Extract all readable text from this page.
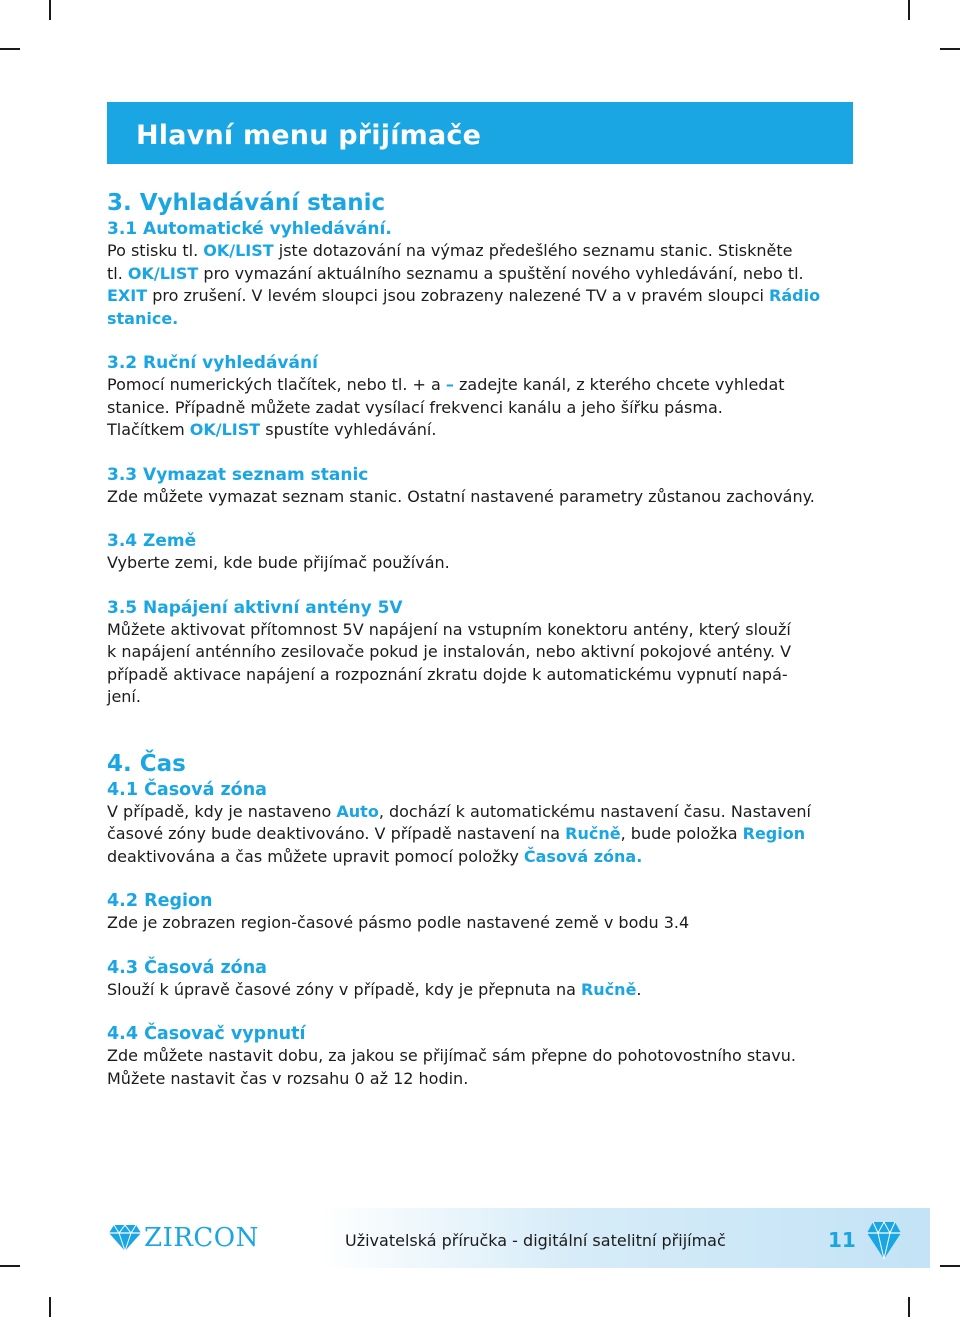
Hlavní menu přijímače
3. Vyhladávání stanic
3.1 Automatické vyhledávání.

Po stisku tl. OK/LIST jste dotazování na výmaz předešlého seznamu stanic. Stiskněte

tl. OK/LIST pro vymazání aktuálního seznamu a spuštění nového vyhledávání, nebo tl.

EXIT pro zrušení. V levém sloupci jsou zobrazeny nalezené TV a v pravém sloupci Rádio

stanice.

3.2 Ruční vyhledávání

Pomocí numerických tlačítek, nebo tl. + a – zadejte kanál, z kterého chcete vyhledat

stanice. Případně můžete zadat vysílací frekvenci kanálu a jeho šířku pásma.

Tlačítkem OK/LIST spustíte vyhledávání.

3.3 Vymazat seznam stanic

Zde můžete vymazat seznam stanic. Ostatní nastavené parametry zůstanou zachovány.

3.4 Země

Vyberte zemi, kde bude přijímač používán.

3.5 Napájení aktivní antény 5V

Můžete aktivovat přítomnost 5V napájení na vstupním konektoru antény, který slouží

k napájení anténního zesilovače pokud je instalován, nebo aktivní pokojové antény. V

případě aktivace napájení a rozpoznání zkratu dojde k automatickému vypnutí napá-

jení.

4. Čas
4.1 Časová zóna

V případě, kdy je nastaveno Auto, dochází k automatickému nastavení času. Nastavení

časové zóny bude deaktivováno. V případě nastavení na Ručně, bude položka Region

deaktivována a čas můžete upravit pomocí položky Časová zóna.

4.2 Region

Zde je zobrazen region-časové pásmo podle nastavené země v bodu 3.4

4.3 Časová zóna

Slouží k úpravě časové zóny v případě, kdy je přepnuta na Ručně.

4.4 Časovač vypnutí

Zde můžete nastavit dobu, za jakou se přijímač sám přepne do pohotovostního stavu.

Můžete nastavit čas v rozsahu 0 až 12 hodin.

ZIRCON	Uživatelská příručka - digitální satelitní přijímač	11
